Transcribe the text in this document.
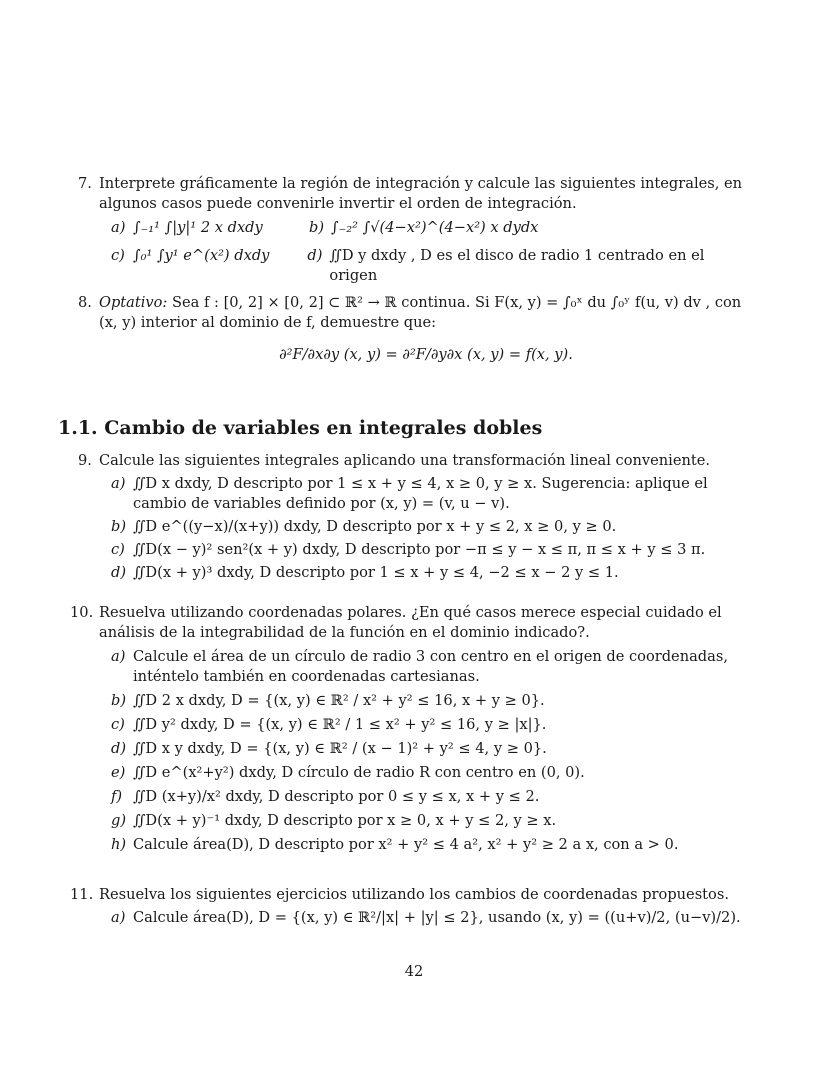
7. Interprete gráficamente la región de integración y calcule las siguientes integrales, en algunos casos puede convenirle invertir el orden de integración.
a) ∫₋₁¹ ∫|y|¹ 2 x dxdy	b) ∫₋₂² ∫√(4−x²)^(4−x²) x dydx
c) ∫₀¹ ∫y¹ e^(x²) dxdy	d) ∬D y dxdy , D es el disco de radio 1 centrado en el origen
8. Optativo: Sea f : [0, 2] × [0, 2] ⊂ ℝ² → ℝ continua. Si F(x, y) = ∫₀ˣ du ∫₀ʸ f(u, v) dv , con (x, y) interior al dominio de f, demuestre que:
∂²F/∂x∂y (x, y) = ∂²F/∂y∂x (x, y) = f(x, y).
1.1. Cambio de variables en integrales dobles
9. Calcule las siguientes integrales aplicando una transformación lineal conveniente.
a) ∬D x dxdy, D descripto por 1 ≤ x + y ≤ 4, x ≥ 0, y ≥ x. Sugerencia: aplique el cambio de variables definido por (x, y) = (v, u − v).
b) ∬D e^((y−x)/(x+y)) dxdy, D descripto por x + y ≤ 2, x ≥ 0, y ≥ 0.
c) ∬D(x − y)² sen²(x + y) dxdy, D descripto por −π ≤ y − x ≤ π, π ≤ x + y ≤ 3 π.
d) ∬D(x + y)³ dxdy, D descripto por 1 ≤ x + y ≤ 4, −2 ≤ x − 2 y ≤ 1.
10. Resuelva utilizando coordenadas polares. ¿En qué casos merece especial cuidado el análisis de la integrabilidad de la función en el dominio indicado?.
a) Calcule el área de un círculo de radio 3 con centro en el origen de coordenadas, inténtelo también en coordenadas cartesianas.
b) ∬D 2 x dxdy, D = {(x, y) ∈ ℝ² / x² + y² ≤ 16, x + y ≥ 0}.
c) ∬D y² dxdy, D = {(x, y) ∈ ℝ² / 1 ≤ x² + y² ≤ 16, y ≥ |x|}.
d) ∬D x y dxdy, D = {(x, y) ∈ ℝ² / (x − 1)² + y² ≤ 4, y ≥ 0}.
e) ∬D e^(x²+y²) dxdy, D círculo de radio R con centro en (0, 0).
f) ∬D (x+y)/x² dxdy, D descripto por 0 ≤ y ≤ x, x + y ≤ 2.
g) ∬D(x + y)⁻¹ dxdy, D descripto por x ≥ 0, x + y ≤ 2, y ≥ x.
h) Calcule área(D), D descripto por x² + y² ≤ 4 a², x² + y² ≥ 2 a x, con a > 0.
11. Resuelva los siguientes ejercicios utilizando los cambios de coordenadas propuestos.
a) Calcule área(D), D = {(x, y) ∈ ℝ²/|x| + |y| ≤ 2}, usando (x, y) = ((u+v)/2, (u−v)/2).
42
